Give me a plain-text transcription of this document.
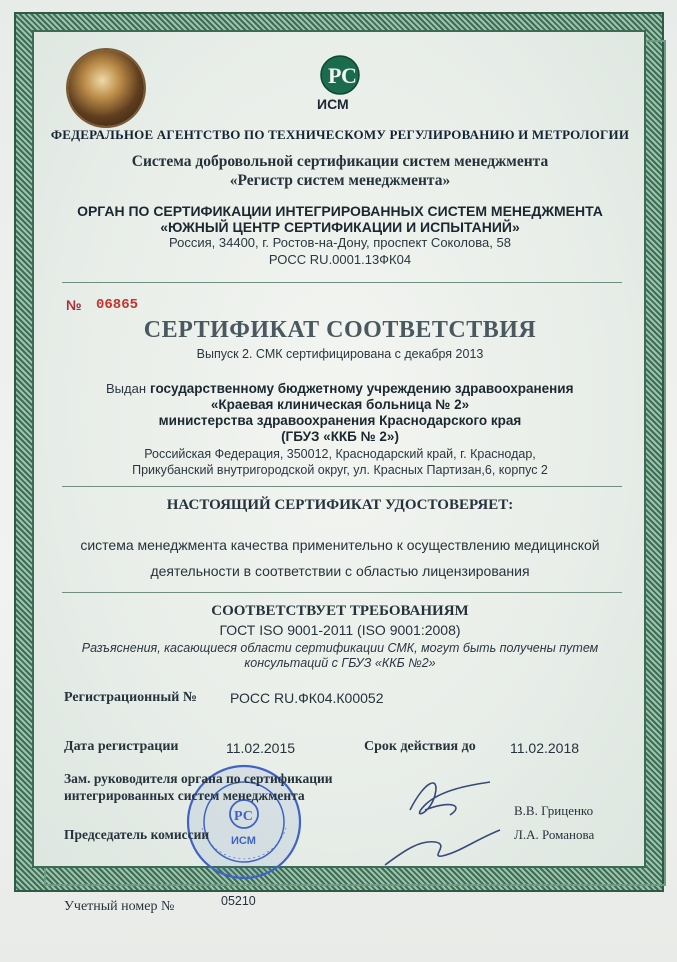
Р С
ИСМ
ФЕДЕРАЛЬНОЕ АГЕНТСТВО ПО ТЕХНИЧЕСКОМУ РЕГУЛИРОВАНИЮ И МЕТРОЛОГИИ
Система добровольной сертификации систем менеджмента
«Регистр систем менеджмента»
ОРГАН ПО СЕРТИФИКАЦИИ ИНТЕГРИРОВАННЫХ СИСТЕМ МЕНЕДЖМЕНТА
«ЮЖНЫЙ ЦЕНТР СЕРТИФИКАЦИИ И ИСПЫТАНИЙ»
Россия, 34400, г. Ростов-на-Дону, проспект Соколова, 58
РОСС RU.0001.13ФК04
№ 06865
СЕРТИФИКАТ СООТВЕТСТВИЯ
Выпуск 2. СМК сертифицирована с декабря 2013
Выдан государственному бюджетному учреждению здравоохранения
«Краевая клиническая больница № 2»
министерства здравоохранения Краснодарского края
(ГБУЗ «ККБ № 2»)
Российская Федерация, 350012, Краснодарский край, г. Краснодар,
Прикубанский внутригородской округ, ул. Красных Партизан,6, корпус 2
НАСТОЯЩИЙ СЕРТИФИКАТ УДОСТОВЕРЯЕТ:
система менеджмента качества применительно к осуществлению медицинской
деятельности в соответствии с областью лицензирования
СООТВЕТСТВУЕТ ТРЕБОВАНИЯМ
ГОСТ ISO 9001-2011 (ISO 9001:2008)
Разъяснения, касающиеся области сертификации СМК, могут быть получены путем
консультаций с ГБУЗ «ККБ №2»
Регистрационный № РОСС RU.ФК04.К00052
Дата регистрации	11.02.2015	Срок действия до 11.02.2018
РС
ИСМ
Зам. руководителя органа по сертификации
интегрированных систем менеджмента
В.В. Гриценко
Председатель комиссии	Л.А. Романова
Учетный номер №	05210
